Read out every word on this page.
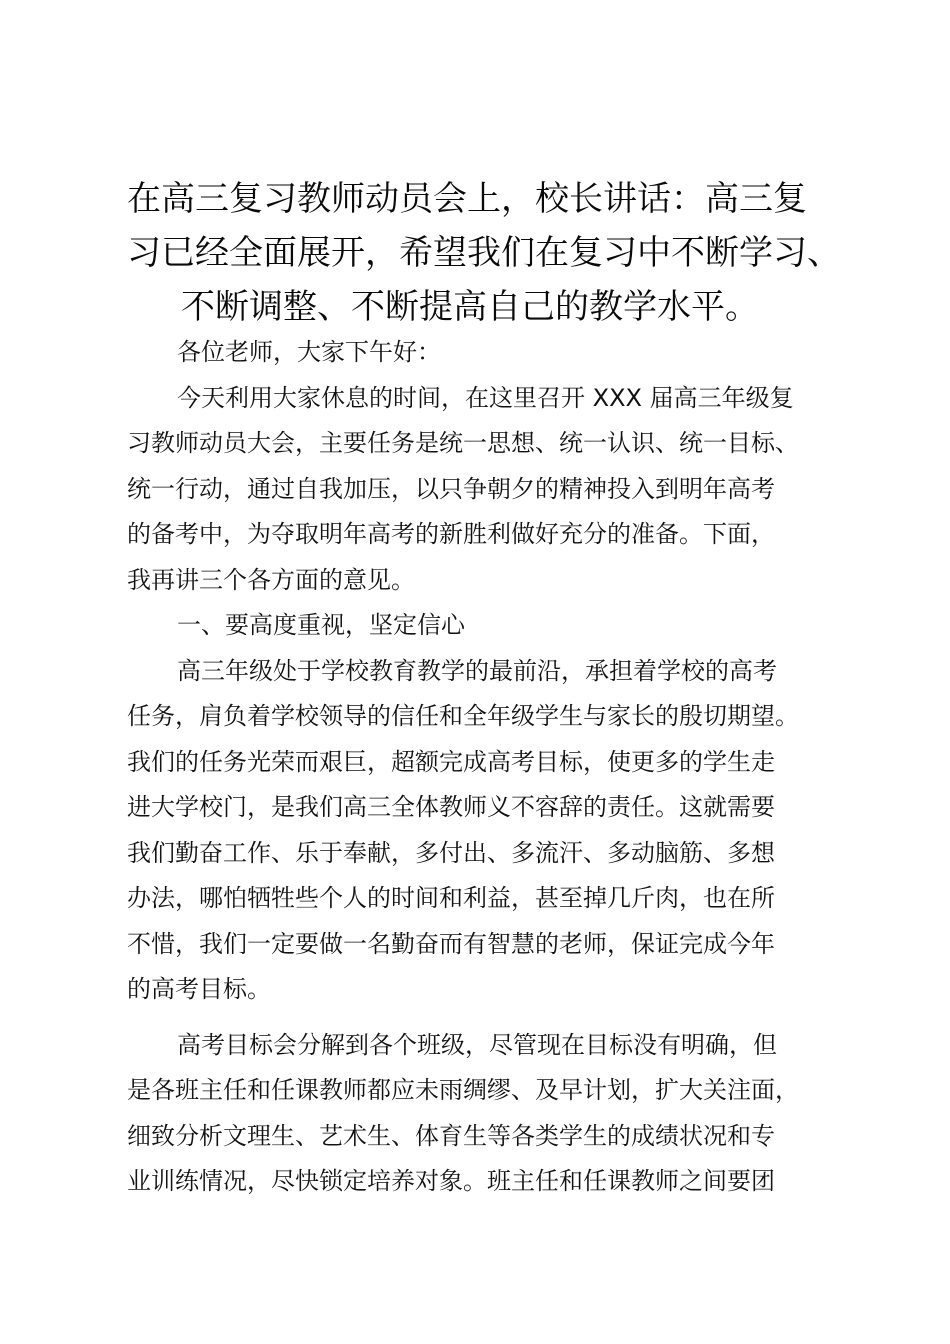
在高三复习教师动员会上，校长讲话：高三复
习已经全面展开，希望我们在复习中不断学习、
不断调整、不断提高自己的教学水平。
各位老师，大家下午好：
今天利用大家休息的时间，在这里召开 XXX 届高三年级复
习教师动员大会，主要任务是统一思想、统一认识、统一目标、
统一行动，通过自我加压，以只争朝夕的精神投入到明年高考
的备考中，为夺取明年高考的新胜利做好充分的准备。下面，
我再讲三个各方面的意见。
一、要高度重视，坚定信心
高三年级处于学校教育教学的最前沿，承担着学校的高考
任务，肩负着学校领导的信任和全年级学生与家长的殷切期望。
我们的任务光荣而艰巨，超额完成高考目标，使更多的学生走
进大学校门，是我们高三全体教师义不容辞的责任。这就需要
我们勤奋工作、乐于奉献，多付出、多流汗、多动脑筋、多想
办法，哪怕牺牲些个人的时间和利益，甚至掉几斤肉，也在所
不惜，我们一定要做一名勤奋而有智慧的老师，保证完成今年
的高考目标。
高考目标会分解到各个班级，尽管现在目标没有明确，但
是各班主任和任课教师都应未雨绸缪、及早计划，扩大关注面，
细致分析文理生、艺术生、体育生等各类学生的成绩状况和专
业训练情况，尽快锁定培养对象。班主任和任课教师之间要团
